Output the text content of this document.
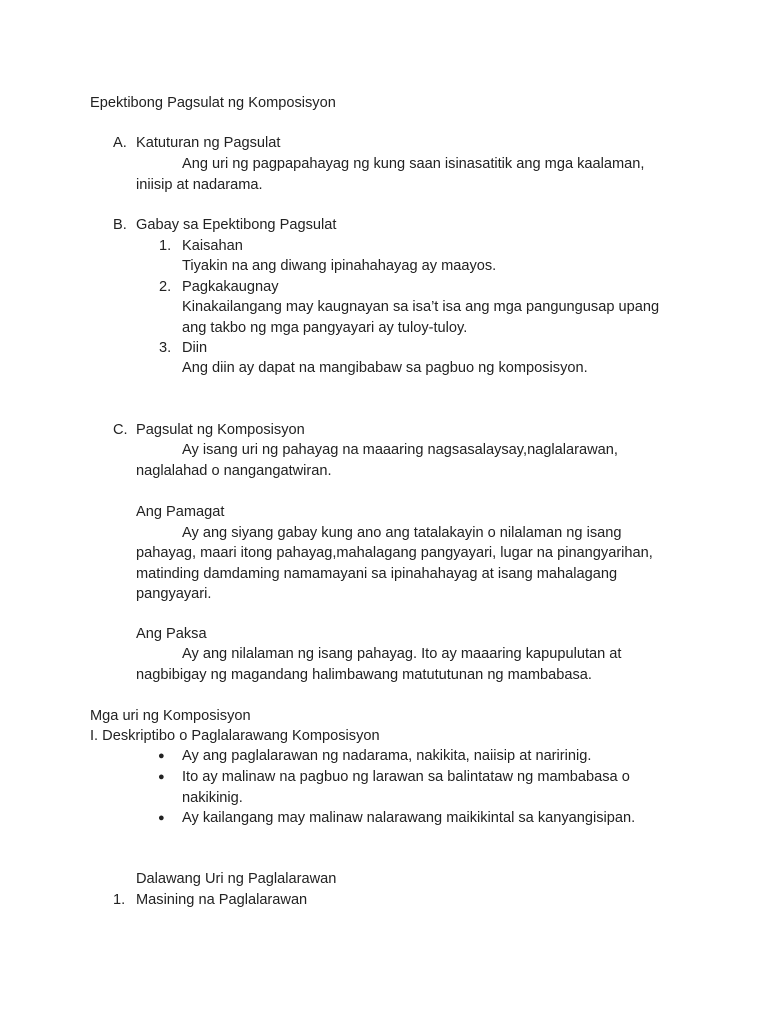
Epektibong Pagsulat ng Komposisyon
A. Katuturan ng Pagsulat
Ang uri ng pagpapahayag ng kung saan isinasatitik ang mga kaalaman,
iniisip at nadarama.
B. Gabay sa Epektibong Pagsulat
1. Kaisahan
Tiyakin na ang diwang ipinahahayag ay maayos.
2. Pagkakaugnay
Kinakailangang may kaugnayan sa isa’t isa ang mga pangungusap upang
ang takbo ng mga pangyayari ay tuloy-tuloy.
3. Diin
Ang diin ay dapat na mangibabaw sa pagbuo ng komposisyon.
C. Pagsulat ng Komposisyon
Ay isang uri ng pahayag na maaaring nagsasalaysay,naglalarawan,
naglalahad o nangangatwiran.
Ang Pamagat
Ay ang siyang gabay kung ano ang tatalakayin o nilalaman ng isang
pahayag, maari itong pahayag,mahalagang pangyayari, lugar na pinangyarihan,
matinding damdaming namamayani sa ipinahahayag at isang mahalagang
pangyayari.
Ang Paksa
Ay ang nilalaman ng isang pahayag. Ito ay maaaring kapupulutan at
nagbibigay ng magandang halimbawang matututunan ng mambabasa.
Mga uri ng Komposisyon
I. Deskriptibo o Paglalarawang Komposisyon
● Ay ang paglalarawan ng nadarama, nakikita, naiisip at naririnig.
● Ito ay malinaw na pagbuo ng larawan sa balintataw ng mambabasa o
nakikinig.
● Ay kailangang may malinaw nalarawang maikikintal sa kanyangisipan.
Dalawang Uri ng Paglalarawan
1. Masining na Paglalarawan
